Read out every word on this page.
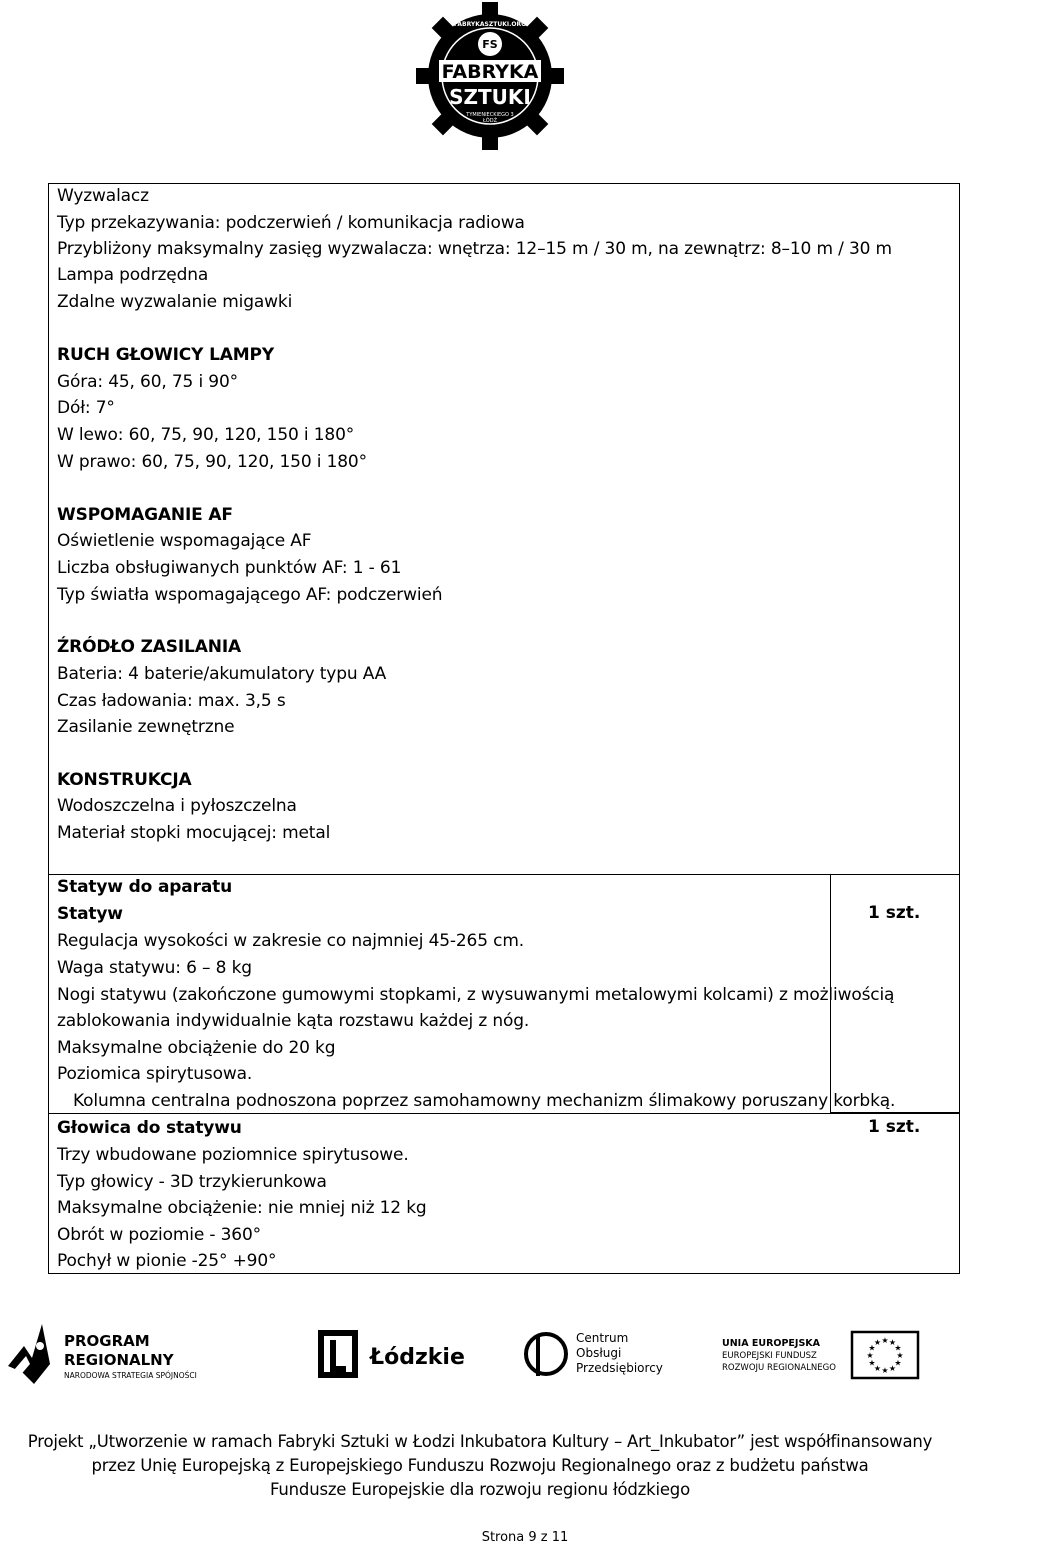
FABRYKASZTUKI.ORG
FS
FABRYKA
SZTUKI
TYMIENIECKIEGO 3
ŁÓDŹ
Wyzwalacz
Typ przekazywania: podczerwień / komunikacja radiowa
Przybliżony maksymalny zasięg wyzwalacza: wnętrza: 12–15 m / 30 m, na zewnątrz: 8–10 m / 30 m
Lampa podrzędna
Zdalne wyzwalanie migawki
RUCH GŁOWICY LAMPY
Góra: 45, 60, 75 i 90°
Dół: 7°
W lewo: 60, 75, 90, 120, 150 i 180°
W prawo: 60, 75, 90, 120, 150 i 180°
WSPOMAGANIE AF
Oświetlenie wspomagające AF
Liczba obsługiwanych punktów AF: 1 - 61
Typ światła wspomagającego AF: podczerwień
ŹRÓDŁO ZASILANIA
Bateria: 4 baterie/akumulatory typu AA
Czas ładowania: max. 3,5 s
Zasilanie zewnętrzne
KONSTRUKCJA
Wodoszczelna i pyłoszczelna
Materiał stopki mocującej: metal
Statyw do aparatu
Statyw	1 szt.
Regulacja wysokości w zakresie co najmniej 45-265 cm.
Waga statywu: 6 – 8 kg
Nogi statywu (zakończone gumowymi stopkami, z wysuwanymi metalowymi kolcami) z możliwością
zablokowania indywidualnie kąta rozstawu każdej z nóg.
Maksymalne obciążenie do 20 kg
Poziomica spirytusowa.
Kolumna centralna podnoszona poprzez samohamowny mechanizm ślimakowy poruszany korbką.
Głowica do statywu	1 szt.
Trzy wbudowane poziomnice spirytusowe.
Typ głowicy - 3D trzykierunkowa
Maksymalne obciążenie: nie mniej niż 12 kg
Obrót w poziomie - 360°
Pochył w pionie -25° +90°
PROGRAM
REGIONALNY
NARODOWA STRATEGIA SPÓJNOŚCI
Łódzkie
Centrum
Obsługi
Przedsiębiorcy
UNIA EUROPEJSKA
EUROPEJSKI FUNDUSZ
ROZWOJU REGIONALNEGO
★ ★
★
★
★
★
★
★
★
★
★
★
Projekt „Utworzenie w ramach Fabryki Sztuki w Łodzi Inkubatora Kultury – Art_Inkubator” jest współfinansowany
przez Unię Europejską z Europejskiego Funduszu Rozwoju Regionalnego oraz z budżetu państwa
Fundusze Europejskie dla rozwoju regionu łódzkiego
Strona 9 z 11
